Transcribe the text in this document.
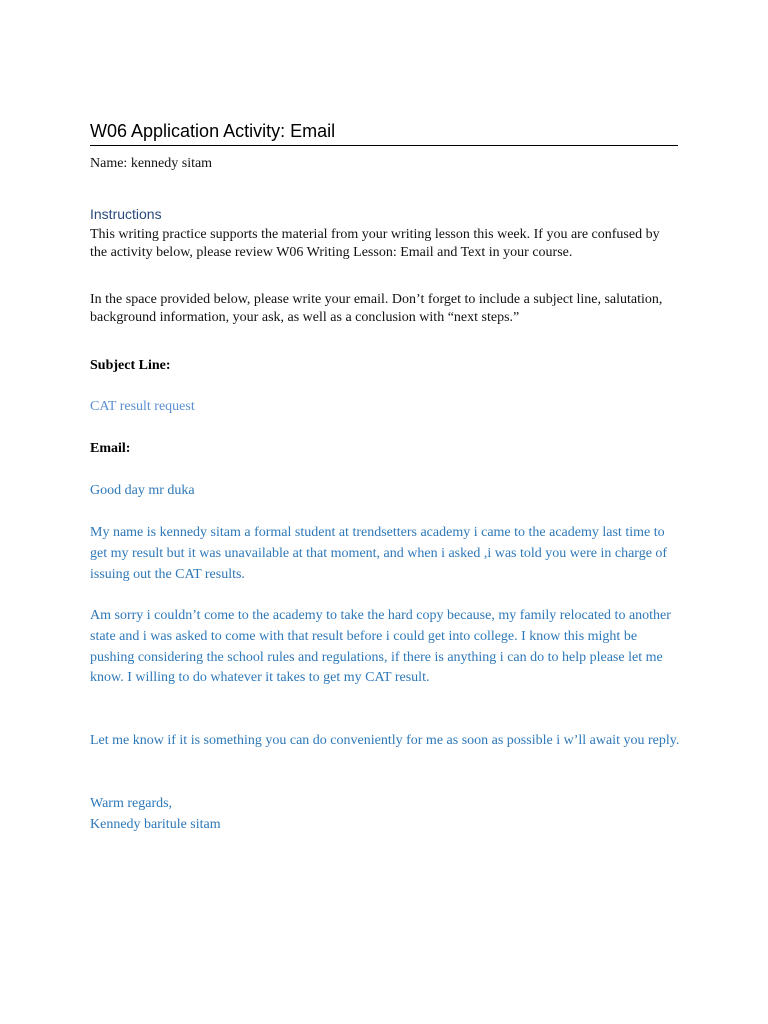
W06 Application Activity: Email
Name: kennedy sitam
Instructions
This writing practice supports the material from your writing lesson this week. If you are confused by the activity below, please review W06 Writing Lesson: Email and Text in your course.
In the space provided below, please write your email. Don’t forget to include a subject line, salutation, background information, your ask, as well as a conclusion with “next steps.”
Subject Line:
CAT result request
Email:
Good day mr duka
My name is kennedy sitam a formal student at trendsetters academy i came to the academy last time to get my result but it was unavailable at that moment, and when i asked ,i was told you were in charge of issuing out the CAT results.
Am sorry i couldn’t come to the academy to take the hard copy because, my family relocated to another state and i was asked to come with that result before i could get into college. I know this might be pushing considering the school rules and regulations, if there is anything i can do to help please let me know. I willing to do whatever it takes to get my CAT result.
Let me know if it is something you can do conveniently for me as soon as possible i w’ll await you reply.
Warm regards,
Kennedy baritule sitam
